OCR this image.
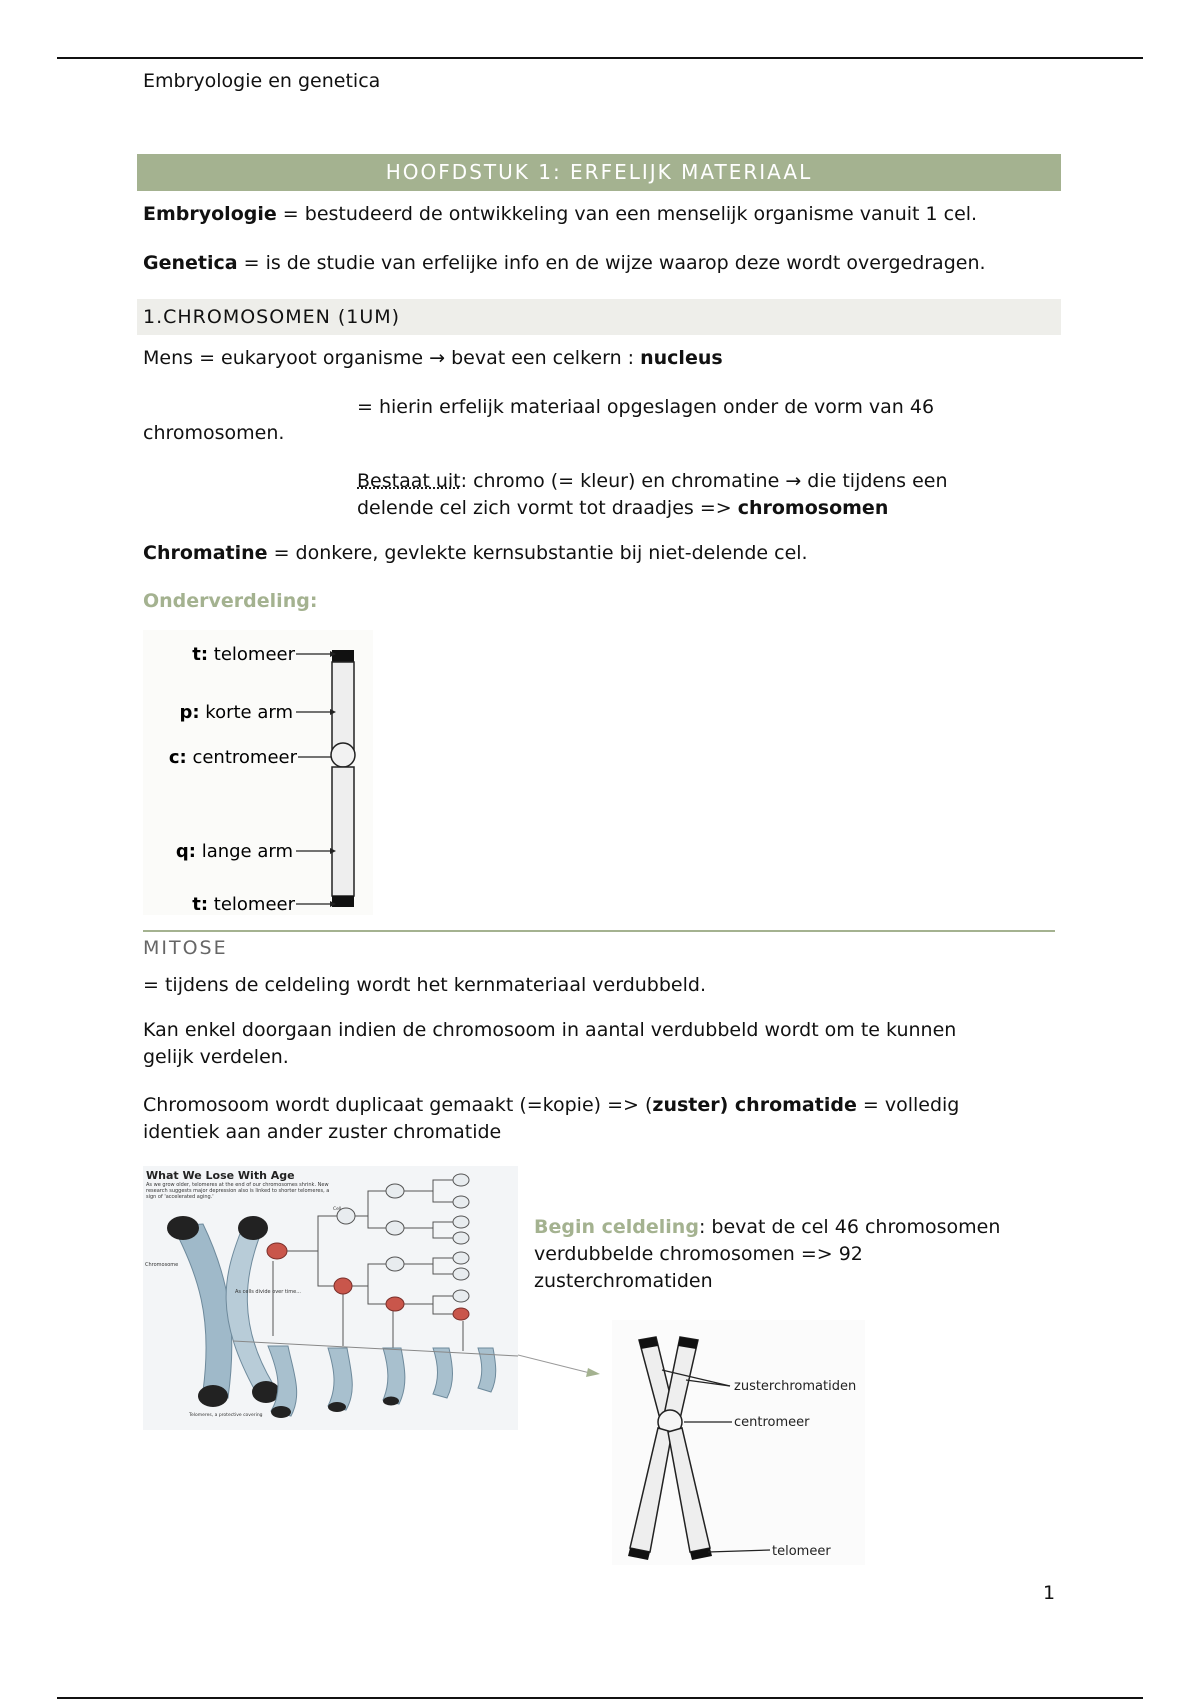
Embryologie en genetica
HOOFDSTUK 1: ERFELIJK MATERIAAL
Embryologie = bestudeerd de ontwikkeling van een menselijk organisme vanuit 1 cel.
Genetica = is de studie van erfelijke info en de wijze waarop deze wordt overgedragen.
1.CHROMOSOMEN (1UM)
Mens = eukaryoot organisme → bevat een celkern : nucleus
= hierin erfelijk materiaal opgeslagen onder de vorm van 46
chromosomen.
Bestaat uit: chromo (= kleur) en chromatine → die tijdens een
delende cel zich vormt tot draadjes => chromosomen
Chromatine = donkere, gevlekte kernsubstantie bij niet-delende cel.
Onderverdeling:
t: telomeer
p: korte arm
c: centromeer
q: lange arm
t: telomeer
MITOSE
= tijdens de celdeling wordt het kernmateriaal verdubbeld.
Kan enkel doorgaan indien de chromosoom in aantal verdubbeld wordt om te kunnen
gelijk verdelen.
Chromosoom wordt duplicaat gemaakt (=kopie) => (zuster) chromatide = volledig
identiek aan ander zuster chromatide
What We Lose With Age
As we grow older, telomeres at the end of our chromosomes shrink. New research suggests major depression also is linked to shorter telomeres, a sign of 'accelerated aging.'
Chromosome
Telomeres, a protective covering
Cell
As cells divide over time...
Begin celdeling: bevat de cel 46 chromosomen
verdubbelde chromosomen => 92
zusterchromatiden
zusterchromatiden
centromeer
telomeer
1
